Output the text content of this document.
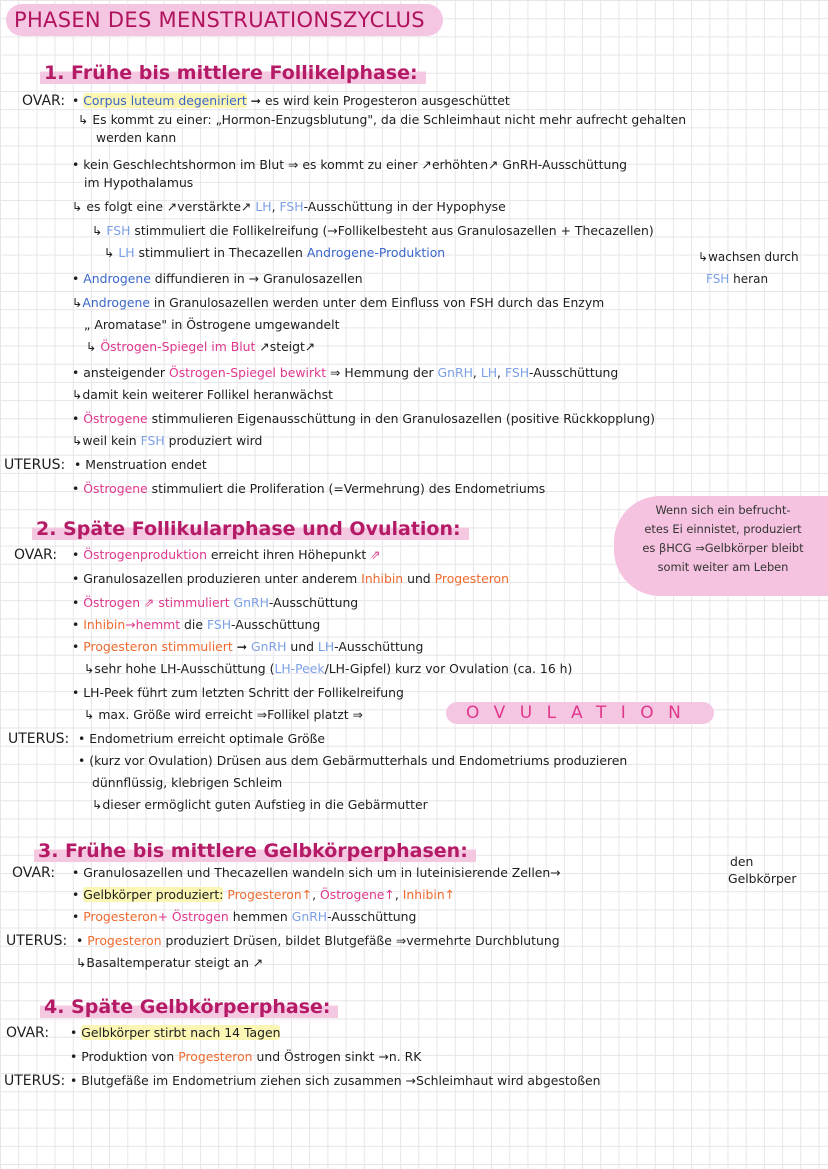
PHASEN DES MENSTRUATIONSZYCLUS
1. Frühe bis mittlere Follikelphase:
OVAR: • Corpus luteum degeniriert ➞ es wird kein Progesteron ausgeschüttet
↳ Es kommt zu einer: „Hormon-Enzugsblutung", da die Schleimhaut nicht mehr aufrecht gehalten
werden kann
• kein Geschlechtshormon im Blut ⇒ es kommt zu einer ↗erhöhten↗ GnRH-Ausschüttung
im Hypothalamus
↳ es folgt eine ↗verstärkte↗ LH, FSH-Ausschüttung in der Hypophyse
↳ FSH stimmuliert die Follikelreifung (→Follikelbesteht aus Granulosazellen + Thecazellen)
↳ LH stimmuliert in Thecazellen Androgene-Produktion	↳wachsen durch
• Androgene diffundieren in → Granulosazellen	FSH heran
↳Androgene in Granulosazellen werden unter dem Einfluss von FSH durch das Enzym
„ Aromatase" in Östrogene umgewandelt
↳ Östrogen-Spiegel im Blut ↗steigt↗
• ansteigender Östrogen-Spiegel bewirkt ⇒ Hemmung der GnRH, LH, FSH-Ausschüttung
↳damit kein weiterer Follikel heranwächst
• Östrogene stimmulieren Eigenausschüttung in den Granulosazellen (positive Rückkopplung)
↳weil kein FSH produziert wird
UTERUS: • Menstruation endet
• Östrogene stimmuliert die Proliferation (=Vermehrung) des Endometriums
Wenn sich ein befrucht-
etes Ei einnistet, produziert
es βHCG ⇒Gelbkörper bleibt
somit weiter am Leben
2. Späte Follikularphase und Ovulation:
OVAR: • Östrogenproduktion erreicht ihren Höhepunkt ⇗
• Granulosazellen produzieren unter anderem Inhibin und Progesteron
• Östrogen ⇗ stimmuliert GnRH-Ausschüttung
• Inhibin→hemmt die FSH-Ausschüttung
• Progesteron stimmuliert ➞ GnRH und LH-Ausschüttung
↳sehr hohe LH-Ausschüttung (LH-Peek/LH-Gipfel) kurz vor Ovulation (ca. 16 h)
• LH-Peek führt zum letzten Schritt der Follikelreifung
↳ max. Größe wird erreicht ⇒Follikel platzt ⇒	OVULATION
UTERUS: • Endometrium erreicht optimale Größe
• (kurz vor Ovulation) Drüsen aus dem Gebärmutterhals und Endometriums produzieren
dünnflüssig, klebrigen Schleim
↳dieser ermöglicht guten Aufstieg in die Gebärmutter
3. Frühe bis mittlere Gelbkörperphasen:
OVAR: • Granulosazellen und Thecazellen wandeln sich um in luteinisierende Zellen→
den
Gelbkörper
• Gelbkörper produziert: Progesteron↑, Östrogene↑, Inhibin↑
• Progesteron+ Östrogen hemmen GnRH-Ausschüttung
UTERUS: • Progesteron produziert Drüsen, bildet Blutgefäße ⇒vermehrte Durchblutung
↳Basaltemperatur steigt an ↗
4. Späte Gelbkörperphase:
OVAR: • Gelbkörper stirbt nach 14 Tagen
• Produktion von Progesteron und Östrogen sinkt →n. RK
UTERUS: • Blutgefäße im Endometrium ziehen sich zusammen →Schleimhaut wird abgestoßen
